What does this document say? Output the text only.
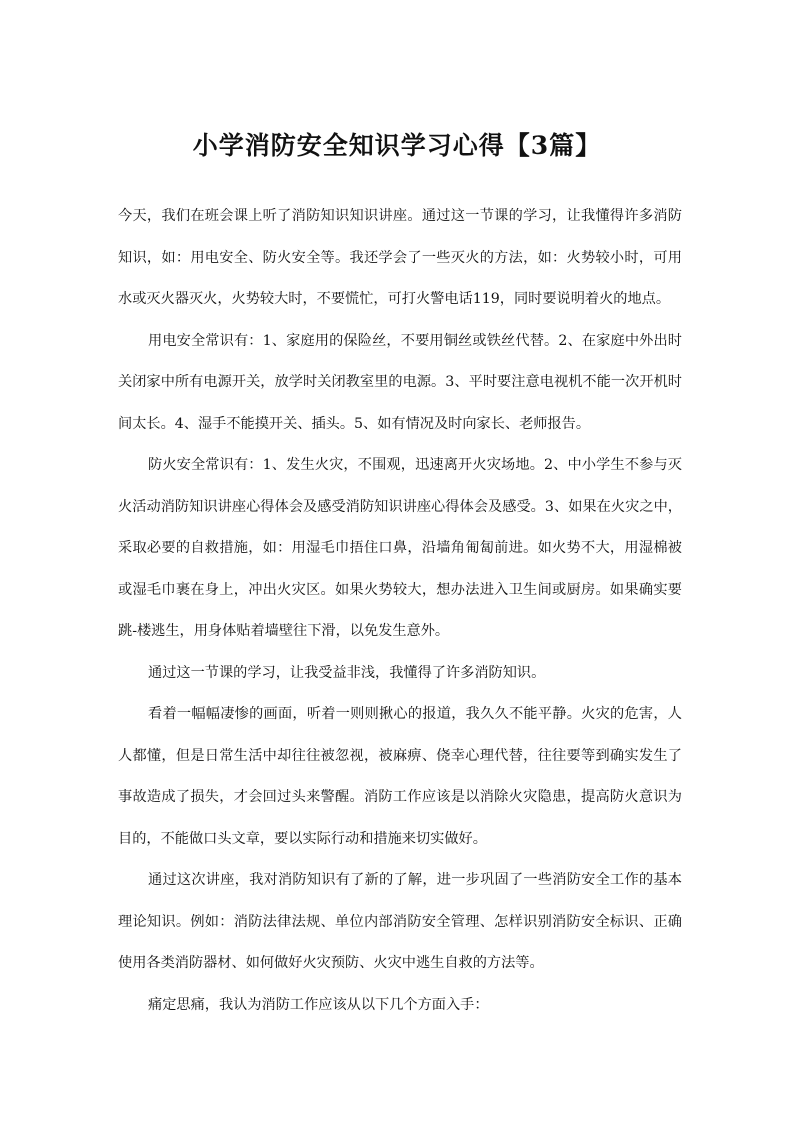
小学消防安全知识学习心得【3篇】

今天，我们在班会课上听了消防知识知识讲座。通过这一节课的学习，让我懂得许多消防知识，如：用电安全、防火安全等。我还学会了一些灭火的方法，如：火势较小时，可用水或灭火器灭火，火势较大时，不要慌忙，可打火警电话119，同时要说明着火的地点。

用电安全常识有：1、家庭用的保险丝，不要用铜丝或铁丝代替。2、在家庭中外出时关闭家中所有电源开关，放学时关闭教室里的电源。3、平时要注意电视机不能一次开机时间太长。4、湿手不能摸开关、插头。5、如有情况及时向家长、老师报告。

防火安全常识有：1、发生火灾，不围观，迅速离开火灾场地。2、中小学生不参与灭火活动消防知识讲座心得体会及感受消防知识讲座心得体会及感受。3、如果在火灾之中，采取必要的自救措施，如：用湿毛巾捂住口鼻，沿墙角匍匐前进。如火势不大，用湿棉被或湿毛巾裹在身上，冲出火灾区。如果火势较大，想办法进入卫生间或厨房。如果确实要跳-楼逃生，用身体贴着墙壁往下滑，以免发生意外。

通过这一节课的学习，让我受益非浅，我懂得了许多消防知识。

看着一幅幅凄惨的画面，听着一则则揪心的报道，我久久不能平静。火灾的危害，人人都懂，但是日常生活中却往往被忽视，被麻痹、侥幸心理代替，往往要等到确实发生了事故造成了损失，才会回过头来警醒。消防工作应该是以消除火灾隐患，提高防火意识为目的，不能做口头文章，要以实际行动和措施来切实做好。

通过这次讲座，我对消防知识有了新的了解，进一步巩固了一些消防安全工作的基本理论知识。例如：消防法律法规、单位内部消防安全管理、怎样识别消防安全标识、正确使用各类消防器材、如何做好火灾预防、火灾中逃生自救的方法等。

痛定思痛，我认为消防工作应该从以下几个方面入手：
